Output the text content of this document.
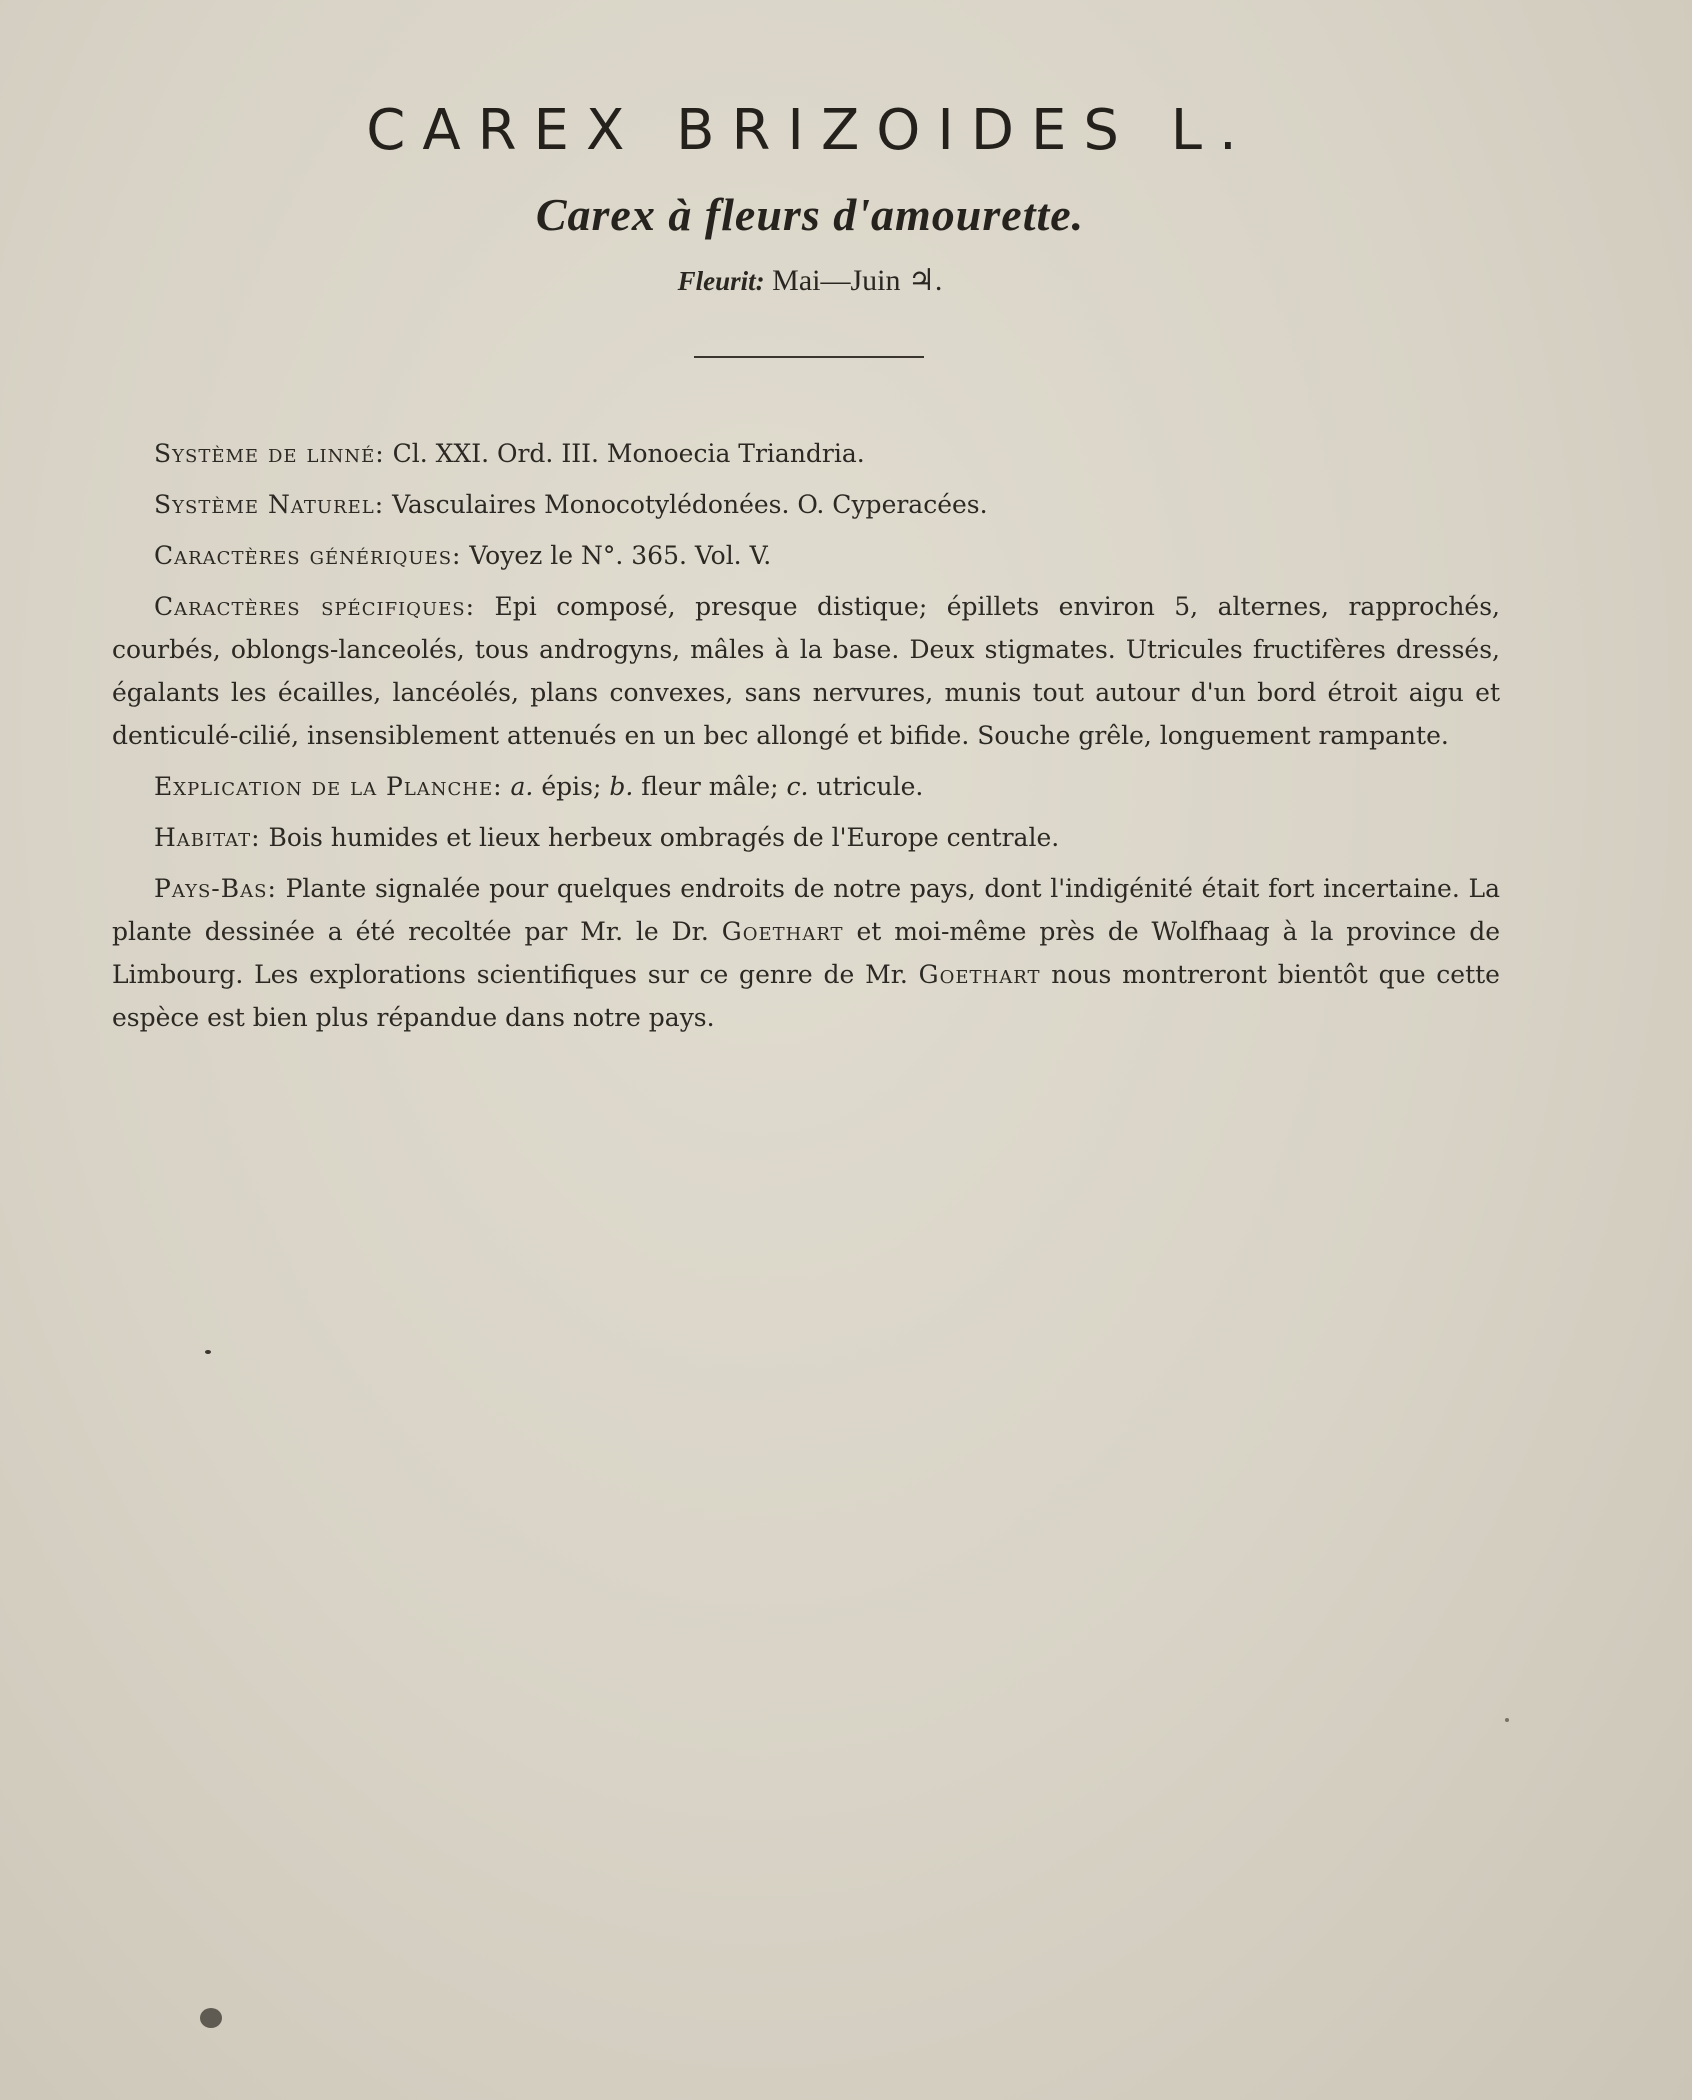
CAREX BRIZOIDES L.
Carex à fleurs d'amourette.
Fleurit: Mai—Juin ♃.

Système de linné: Cl. XXI. Ord. III. Monoecia Triandria.

Système Naturel: Vasculaires Monocotylédonées. O. Cyperacées.

Caractères génériques: Voyez le N°. 365. Vol. V.

Caractères spécifiques: Epi composé, presque distique; épillets environ 5, alternes, rapprochés, courbés, oblongs-lanceolés, tous androgyns, mâles à la base. Deux stigmates. Utricules fructifères dressés, égalants les écailles, lancéolés, plans convexes, sans nervures, munis tout autour d'un bord étroit aigu et denticulé-cilié, insensiblement attenués en un bec allongé et bifide. Souche grêle, longuement rampante.

Explication de la Planche: a. épis; b. fleur mâle; c. utricule.

Habitat: Bois humides et lieux herbeux ombragés de l'Europe centrale.

Pays-Bas: Plante signalée pour quelques endroits de notre pays, dont l'indigénité était fort incertaine. La plante dessinée a été recoltée par Mr. le Dr. Goethart et moi-même près de Wolfhaag à la province de Limbourg. Les explorations scientifiques sur ce genre de Mr. Goethart nous montreront bientôt que cette espèce est bien plus répandue dans notre pays.
